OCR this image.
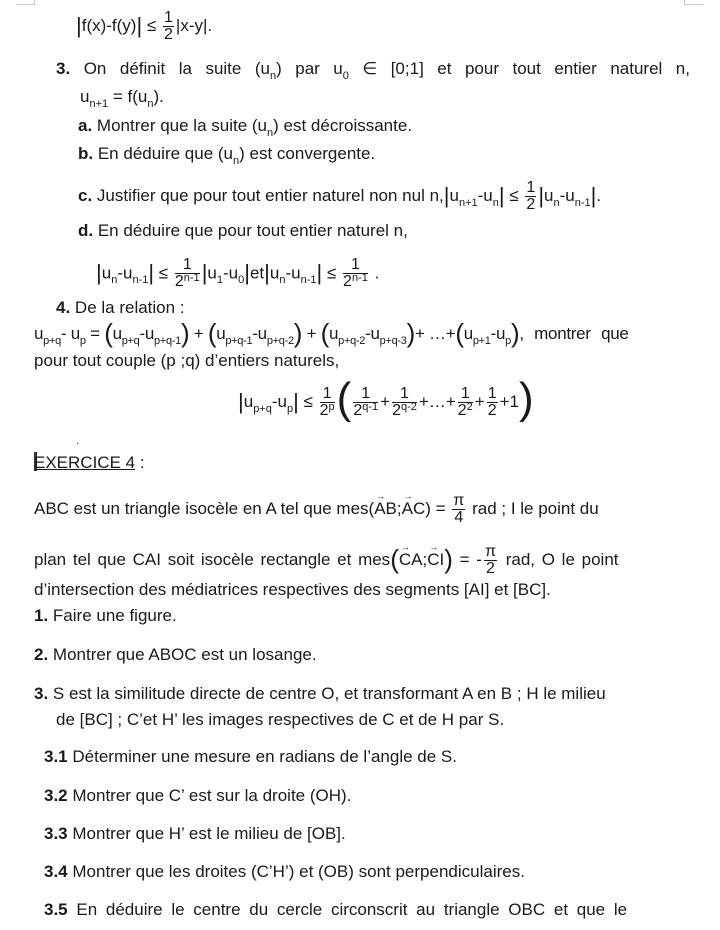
$|f(x)-f(y)| \le \frac{1}{2} |x-y|$.
3. On définit la suite $(u_n)$ par $u_0$ ∈ [0;1] et pour tout entier naturel n,
$u_{n+1} = f(u_n)$.
a. Montrer que la suite $(u_n)$ est décroissante.
b. En déduire que $(u_n)$ est convergente.
c. Justifier que pour tout entier naturel non nul $n,|u_{n+1}-u_n| \le \frac{1}{2} |u_n-u_{n-1}|$.
d. En déduire que pour tout entier naturel n,
$|u_n-u_{n-1}| \le \frac{1}{2^{n-1}} |u_1-u_0|et|u_n-u_{n-1}| \le \frac{1}{2^{n-1}}$ .
4. De la relation :
$u_{p+q}-$ $u_p = (u_{p+q}-u_{p+q-1}) + (u_{p+q-1}-u_{p+q-2}) + (u_{p+q-2}-u_{p+q-3})+$ $\dots+(u_{p+1}-u_p)$, montrer que
pour tout couple (p ;q) d’entiers naturels,
$|u_{p+q}-u_p| \le \frac{1}{2^p}$ ( $\frac{1}{2^{q-1}} + \frac{1}{2^{q-2}}$ +…+ $\frac{1}{2^2} + \frac{1}{2} +1$)
·
EXERCICE 4 :
ABC est un triangle isocèle en A tel que mes(→ AB;→ $AC) = \frac{\pi}{4}$ rad ; I le point du
plan tel que CAI soit isocèle rectangle et mes(→ CA;→ CI) = - $\frac{\pi}{2}$ rad, O le point
d’intersection des médiatrices respectives des segments [AI] et [BC].
1. Faire une figure.
2. Montrer que ABOC est un losange.
3. S est la similitude directe de centre O, et transformant A en B ; H le milieu
de [BC] ; C’et H’ les images respectives de C et de H par S.
3.1 Déterminer une mesure en radians de l’angle de S.
3.2 Montrer que C’ est sur la droite (OH).
3.3 Montrer que H’ est le milieu de [OB].
3.4 Montrer que les droites (C’H’) et (OB) sont perpendiculaires.
3.5 En déduire le centre du cercle circonscrit au triangle OBC et que le
